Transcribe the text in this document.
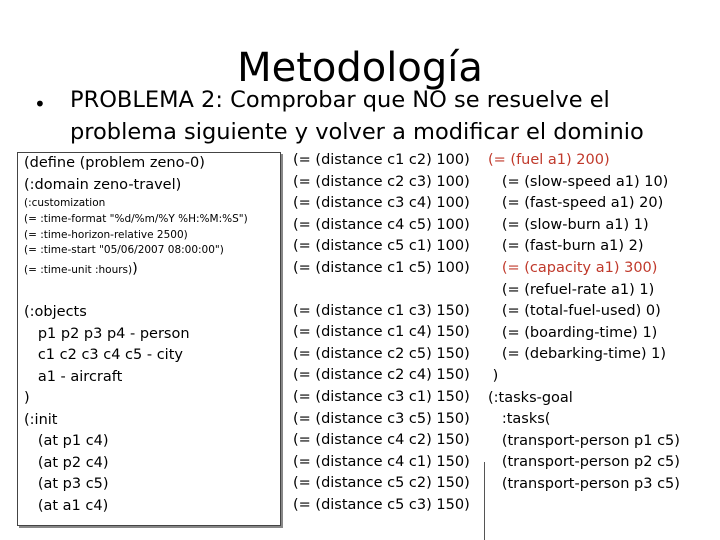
Metodología
• PROBLEMA 2: Comprobar que NO se resuelve el problema siguiente y volver a modificar el dominio

(define (problem zeno-0)

(:domain zeno-travel)

(:customization

(= :time-format "%d/%m/%Y %H:%M:%S")

(= :time-horizon-relative 2500)

(= :time-start "05/06/2007 08:00:00")

(= :time-unit :hours))

(:objects

p1 p2 p3 p4 - person

c1 c2 c3 c4 c5 - city

a1 - aircraft

)

(:init

(at p1 c4)

(at p2 c4)

(at p3 c5)

(at a1 c4)

(= (distance c1 c2) 100)

(= (distance c2 c3) 100)

(= (distance c3 c4) 100)

(= (distance c4 c5) 100)

(= (distance c5 c1) 100)

(= (distance c1 c5) 100)

(= (distance c1 c3) 150)

(= (distance c1 c4) 150)

(= (distance c2 c5) 150)

(= (distance c2 c4) 150)

(= (distance c3 c1) 150)

(= (distance c3 c5) 150)

(= (distance c4 c2) 150)

(= (distance c4 c1) 150)

(= (distance c5 c2) 150)

(= (distance c5 c3) 150)

(= (fuel a1) 200)

(= (slow-speed a1) 10)

(= (fast-speed a1) 20)

(= (slow-burn a1) 1)

(= (fast-burn a1) 2)

(= (capacity a1) 300)

(= (refuel-rate a1) 1)

(= (total-fuel-used) 0)

(= (boarding-time) 1)

(= (debarking-time) 1)

)

(:tasks-goal

:tasks(

(transport-person p1 c5)

(transport-person p2 c5)

(transport-person p3 c5)
